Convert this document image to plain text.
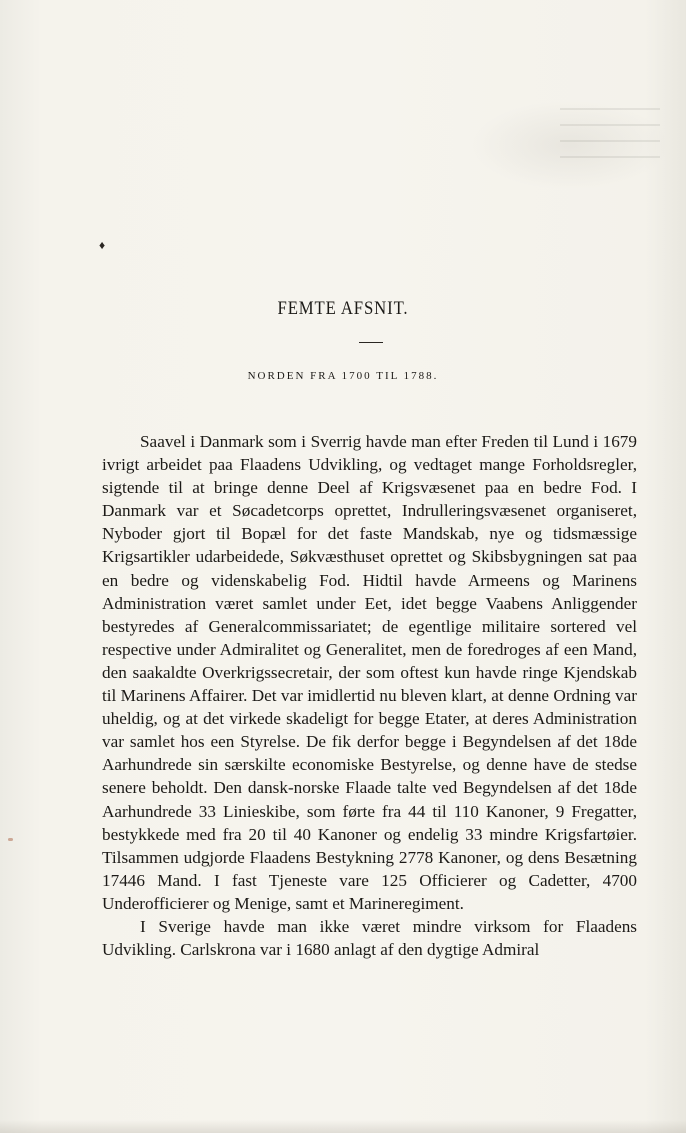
♦
FEMTE AFSNIT.
NORDEN FRA 1700 TIL 1788.

Saavel i Danmark som i Sverrig havde man efter Freden til Lund i 1679 ivrigt arbeidet paa Flaadens Udvikling, og vedtaget mange Forholdsregler, sigtende til at bringe denne Deel af Krigsvæsenet paa en bedre Fod. I Danmark var et Søcadetcorps oprettet, Indrulleringsvæsenet organiseret, Nyboder gjort til Bopæl for det faste Mandskab, nye og tidsmæssige Krigsartikler udarbeidede, Søkvæsthuset oprettet og Skibsbygningen sat paa en bedre og videnskabelig Fod. Hidtil havde Armeens og Marinens Administration været samlet under Eet, idet begge Vaabens Anliggender bestyredes af Generalcommissariatet; de egentlige militaire sortered vel respective under Admiralitet og Generalitet, men de foredroges af een Mand, den saakaldte Overkrigssecretair, der som oftest kun havde ringe Kjendskab til Marinens Affairer. Det var imidlertid nu bleven klart, at denne Ordning var uheldig, og at det virkede skadeligt for begge Etater, at deres Administration var samlet hos een Styrelse. De fik derfor begge i Begyndelsen af det 18de Aarhundrede sin særskilte economiske Bestyrelse, og denne have de stedse senere beholdt. Den dansk-norske Flaade talte ved Begyndelsen af det 18de Aarhundrede 33 Linieskibe, som førte fra 44 til 110 Kanoner, 9 Fregatter, bestykkede med fra 20 til 40 Kanoner og endelig 33 mindre Krigsfartøier. Tilsammen udgjorde Flaadens Bestykning 2778 Kanoner, og dens Besætning 17446 Mand. I fast Tjeneste vare 125 Officierer og Cadetter, 4700 Underofficierer og Menige, samt et Marineregiment.

I Sverige havde man ikke været mindre virksom for Flaadens Udvikling. Carlskrona var i 1680 anlagt af den dygtige Admiral
